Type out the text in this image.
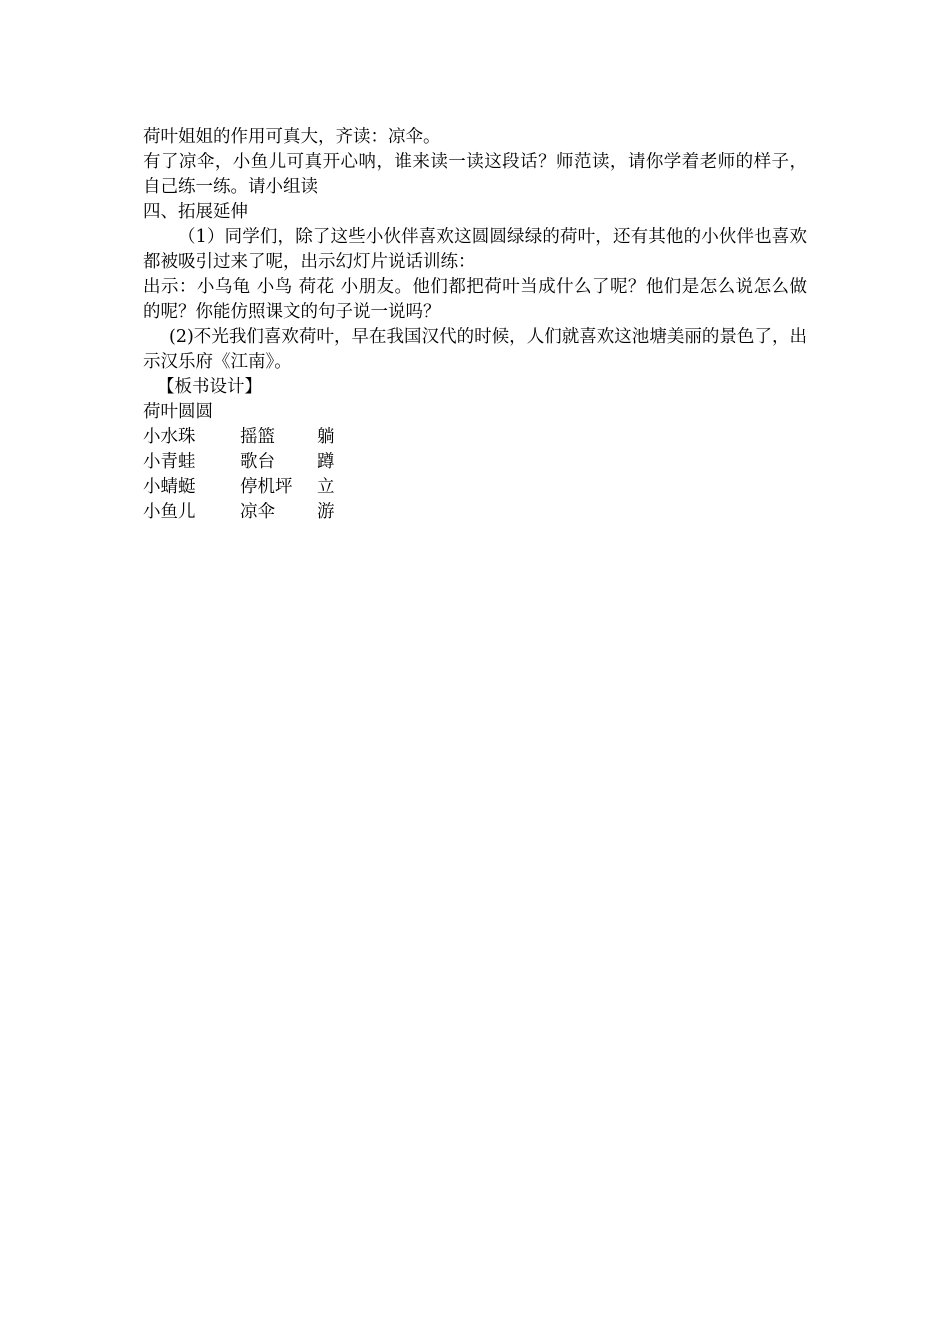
荷叶姐姐的作用可真大，齐读：凉伞。

有了凉伞，小鱼儿可真开心呐，谁来读一读这段话？师范读，请你学着老师的样子，自己练一练。请小组读

四、拓展延伸

（1）同学们，除了这些小伙伴喜欢这圆圆绿绿的荷叶，还有其他的小伙伴也喜欢都被吸引过来了呢，出示幻灯片说话训练：

出示：小乌龟 小鸟 荷花 小朋友。他们都把荷叶当成什么了呢？他们是怎么说怎么做的呢？你能仿照课文的句子说一说吗？

(2)不光我们喜欢荷叶，早在我国汉代的时候，人们就喜欢这池塘美丽的景色了，出示汉乐府《江南》。

【板书设计】

荷叶圆圆

小水珠	摇篮	躺
小青蛙	歌台	蹲
小蜻蜓	停机坪	立
小鱼儿	凉伞	游
